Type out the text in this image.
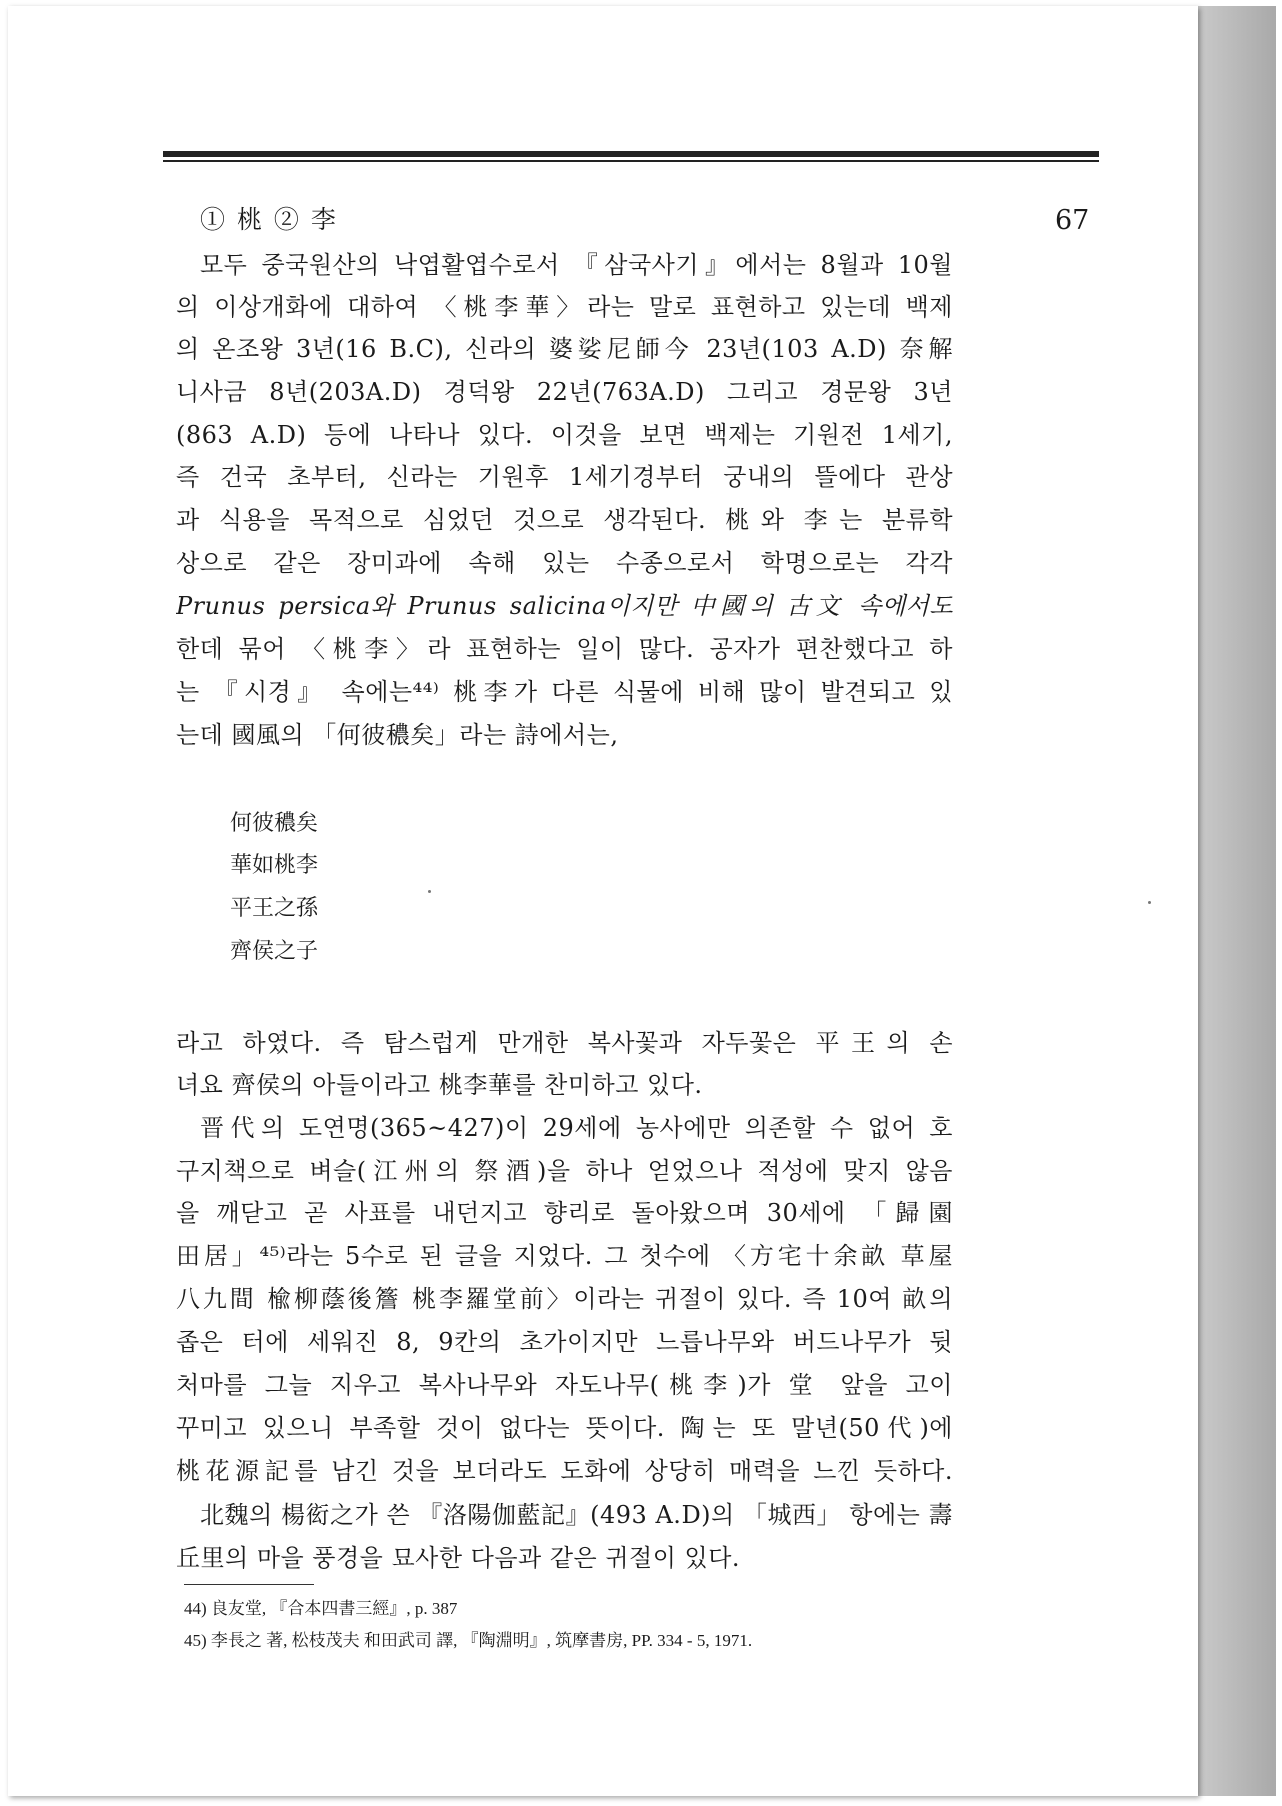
67
① 桃 ② 李
모두 중국원산의 낙엽활엽수로서 『삼국사기』에서는 8월과 10월
의 이상개화에 대하여 〈桃李華〉라는 말로 표현하고 있는데 백제
의 온조왕 3년(16 B.C), 신라의 婆娑尼師今 23년(103 A.D) 奈解
니사금 8년(203A.D) 경덕왕 22년(763A.D) 그리고 경문왕 3년
(863 A.D) 등에 나타나 있다. 이것을 보면 백제는 기원전 1세기,
즉 건국 초부터, 신라는 기원후 1세기경부터 궁내의 뜰에다 관상
과 식용을 목적으로 심었던 것으로 생각된다. 桃와 李는 분류학
상으로 같은 장미과에 속해 있는 수종으로서 학명으로는 각각
Prunus persica와 Prunus salicina이지만 中國의 古文 속에서도
한데 묶어 〈桃李〉라 표현하는 일이 많다. 공자가 편찬했다고 하
는 『시경』 속에는⁴⁴⁾ 桃李가 다른 식물에 비해 많이 발견되고 있
는데 國風의 「何彼穠矣」라는 詩에서는,
何彼穠矣
華如桃李
平王之孫
齊侯之子
라고 하였다. 즉 탐스럽게 만개한 복사꽃과 자두꽃은 平王의 손
녀요 齊侯의 아들이라고 桃李華를 찬미하고 있다.
晋代의 도연명(365~427)이 29세에 농사에만 의존할 수 없어 호
구지책으로 벼슬(江州의 祭酒)을 하나 얻었으나 적성에 맞지 않음
을 깨닫고 곧 사표를 내던지고 향리로 돌아왔으며 30세에 「歸園
田居」⁴⁵⁾라는 5수로 된 글을 지었다. 그 첫수에 〈方宅十余畝 草屋
八九間 楡柳蔭後簷 桃李羅堂前〉이라는 귀절이 있다. 즉 10여 畝의
좁은 터에 세워진 8, 9칸의 초가이지만 느릅나무와 버드나무가 뒷
처마를 그늘 지우고 복사나무와 자도나무(桃李)가 堂 앞을 고이
꾸미고 있으니 부족할 것이 없다는 뜻이다. 陶는 또 말년(50代)에
桃花源記를 남긴 것을 보더라도 도화에 상당히 매력을 느낀 듯하다.
北魏의 楊衒之가 쓴 『洛陽伽藍記』(493 A.D)의 「城西」 항에는 壽
丘里의 마을 풍경을 묘사한 다음과 같은 귀절이 있다.
44) 良友堂, 『合本四書三經』, p. 387
45) 李長之 著, 松枝茂夫 和田武司 譯, 『陶淵明』, 筑摩書房, PP. 334 - 5, 1971.
